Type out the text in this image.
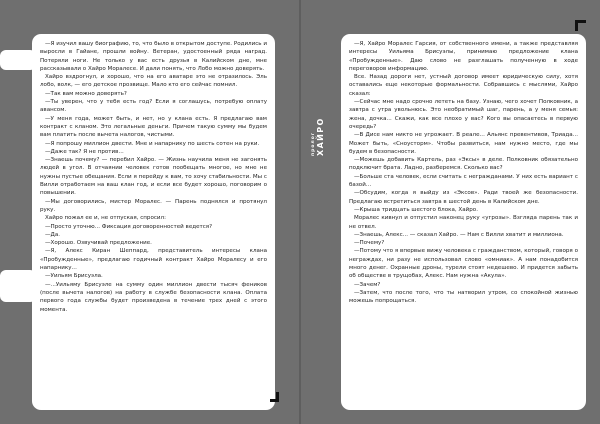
—Я изучил вашу биографию, то, что было в открытом доступе. Родились и выросли в Гайане, прошли войну. Ветеран, удостоенный ряда наград. Потеряли ноги. Не только у вас есть друзья в Калийском дне, мне рассказывали о Хайро Моралесе. И дали понять, что Лобо можно доверять.

Хайро вздрогнул, и хорошо, что на его аватаре это не отразилось. Эль лобо, волк, — его детское прозвище. Мало кто его сейчас помнил.

—Так вам можно доверять?

—Ты уверен, что у тебя есть год? Если я соглашусь, потребую оплату авансом.

—У меня года, может быть, и нет, но у клана есть. Я предлагаю вам контракт с кланом. Это легальные деньги. Причем такую сумму мы будем вам платить после вычета налогов, чистыми.

—Я попрошу миллион двести. Мне и напарнику по шесть сотен на руки.

—Даже так? Я не против...

—Знаешь почему? — перебил Хайро. — Жизнь научила меня не загонять людей в угол. В отчаянии человек готов пообещать многое, но мне не нужны пустые обещания. Если я перейду к вам, то хочу стабильности. Мы с Вилли отработаем на ваш клан год, и если все будет хорошо, поговорим о повышении.

—Мы договорились, мистер Моралес. — Парень поднялся и протянул руку.

Хайро пожал ее и, не отпуская, спросил:

—Просто уточню... Фиксация договоренностей ведется?

—Да.

—Хорошо. Озвучивай предложение.

—Я, Алекс Киран Шеппард, представитель интересы клана «Пробужденные», предлагаю годичный контракт Хайро Моралесу и его напарнику...

—Уильям Брисуэла.

—...Уильяму Брисуэле на сумму один миллион двести тысяч феников (после вычета налогов) на работу в службе безопасности клана. Оплата первого года службы будет произведена в течение трех дней с этого момента.

пролог ХАЙРО

—Я, Хайро Моралес Гарсия, от собственного имени, а также представляя интересы Уильяма Брисуэлы, принимаю предложение клана «Пробужденные». Даю слово не разглашать полученную в ходе переговоров информацию.

Все. Назад дороги нет, устный договор имеет юридическую силу, хотя оставались еще некоторые формальности. Собравшись с мыслями, Хайро сказал:

—Сейчас мне надо срочно лететь на базу. Узнаю, чего хочет Полковник, а завтра с утра увольнюсь. Это необратимый шаг, парень, а у меня семья: жена, дочка... Скажи, как все плохо у вас? Кого вы опасаетесь в первую очередь?

—В Дисе нам никто не угрожает. В реале... Альянс превентивов, Триада... Может быть, «Сноусторм». Чтобы развиться, нам нужно место, где мы будем в безопасности.

—Можешь добавить Картель, раз «Эксы» в деле. Полковник обязательно подключит брата. Ладно, разберемся. Сколько вас?

—Больше ста человек, если считать с негражданами. У них есть вариант с базой...

—Обсудим, когда я выйду из «Эксов». Ради твоей же безопасности. Предлагаю встретиться завтра в шестой день в Калийском дне.

—Крыша тридцать шестого блока, Хайро.

Моралес кивнул и отпустил наконец руку «угрозы». Взгляда парень так и не отвел.

—Знаешь, Алекс... — сказал Хайро. — Нам с Вилли хватит и миллиона.

—Почему?

—Потому что я впервые вижу человека с гражданством, который, говоря о неграждах, ни разу не использовал слово «омниак». А нам понадобится много денег. Охранные дроны, турели стоят недешево. И придется забыть об обществе в трущобах, Алекс. Нам нужна «Акула».

—Зачем?

—Затем, что после того, что ты натворил утром, со спокойной жизнью можешь попрощаться.
